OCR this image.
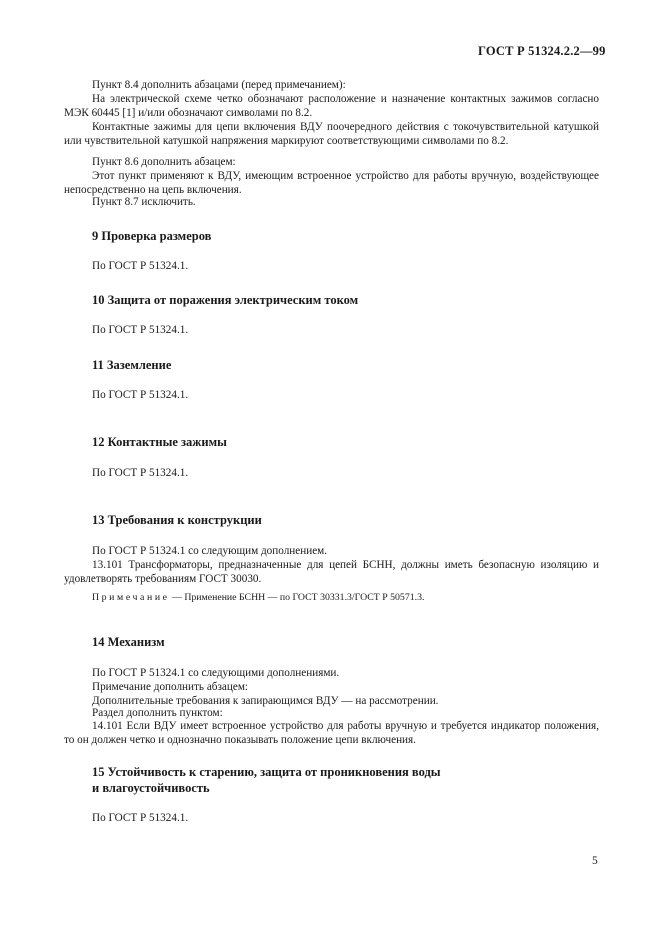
ГОСТ Р 51324.2.2—99
Пункт 8.4 дополнить абзацами (перед примечанием):
На электрической схеме четко обозначают расположение и назначение контактных зажимов согласно МЭК 60445 [1] и/или обозначают символами по 8.2.
Контактные зажимы для цепи включения ВДУ поочередного действия с токочувствительной катушкой или чувствительной катушкой напряжения маркируют соответствующими символами по 8.2.
Пункт 8.6 дополнить абзацем:
Этот пункт применяют к ВДУ, имеющим встроенное устройство для работы вручную, воздействующее непосредственно на цепь включения.
Пункт 8.7 исключить.
9 Проверка размеров
По ГОСТ Р 51324.1.
10 Защита от поражения электрическим током
По ГОСТ Р 51324.1.
11 Заземление
По ГОСТ Р 51324.1.
12 Контактные зажимы
По ГОСТ Р 51324.1.
13 Требования к конструкции
По ГОСТ Р 51324.1 со следующим дополнением.
13.101 Трансформаторы, предназначенные для цепей БСНН, должны иметь безопасную изоляцию и удовлетворять требованиям ГОСТ 30030.
Примечание — Применение БСНН — по ГОСТ 30331.3/ГОСТ Р 50571.3.
14 Механизм
По ГОСТ Р 51324.1 со следующими дополнениями.
Примечание дополнить абзацем:
Дополнительные требования к запирающимся ВДУ — на рассмотрении.
Раздел дополнить пунктом:
14.101 Если ВДУ имеет встроенное устройство для работы вручную и требуется индикатор положения, то он должен четко и однозначно показывать положение цепи включения.
15 Устойчивость к старению, защита от проникновения воды
и влагоустойчивость
По ГОСТ Р 51324.1.
5
